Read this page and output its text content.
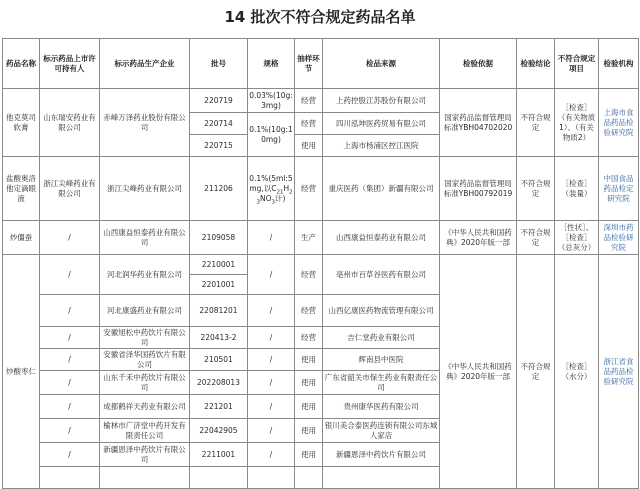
14 批次不符合规定药品名单
药品名称	标示药品上市许可持有人	标示药品生产企业	批号	规格	抽样环节	检品来源	检验依据	检验结论	不符合规定项目	检验机构
他克莫司软膏	山东瑞安药业有限公司	赤峰万泽药业股份有限公司	220719	0.03%(10g:3mg)	经营	上药控股江苏股份有限公司	国家药品监督管理局标准YBH04702020	不符合规定	［检查］（有关物质1）、（有关物质2）	上海市食品药品检验研究院
			220714	0.1%(10g:10mg)	经营	四川泓坤医药贸易有限公司				
			220715		使用	上海市杨浦区控江医院				
盐酸奥洛他定滴眼液	浙江尖峰药业有限公司	浙江尖峰药业有限公司	211206	0.1%(5ml:5mg,以$C_{21}H_{23}NO_3$计)	经营	重庆医药（集团）新疆有限公司	国家药品监督管理局标准YBH00792019	不符合规定	［检查］（装量）	中国食品药品检定研究院
炒僵蚕	/	山西康益恒泰药业有限公司	2109058	/	生产	山西康益恒泰药业有限公司	《中华人民共和国药典》2020年版一部	不符合规定	［性状］、［检查］（总灰分）	深圳市药品检验研究院
炒酸枣仁	/	河北润华药业有限公司	2210001	/	经营	亳州市百草谷医药有限公司	《中华人民共和国药典》2020年版一部	不符合规定	［检查］（水分）	浙江省食品药品检验研究院
			2201001							
	/	河北康盛药业有限公司	22081201	/	经营	山西亿康医药物流管理有限公司				
	/	安徽旭松中药饮片有限公司	220413-2	/	经营	吉仁堂药业有限公司				
	/	安徽省泽华国药饮片有限公司	210501	/	使用	辉南县中医院				
	/	山东千禾中药饮片有限公司	202208013	/	使用	广东省韶关市保生药业有限责任公司				
	/	成都鹤祥天药业有限公司	221201	/	使用	贵州康华医药有限公司				
	/	榆林市广济堂中药开发有限责任公司	22042905	/	使用	银川美合泰医药连锁有限公司东城人家店				
	/	新疆恩泽中药饮片有限公司	2211001	/	使用	新疆恩泽中药饮片有限公司				
